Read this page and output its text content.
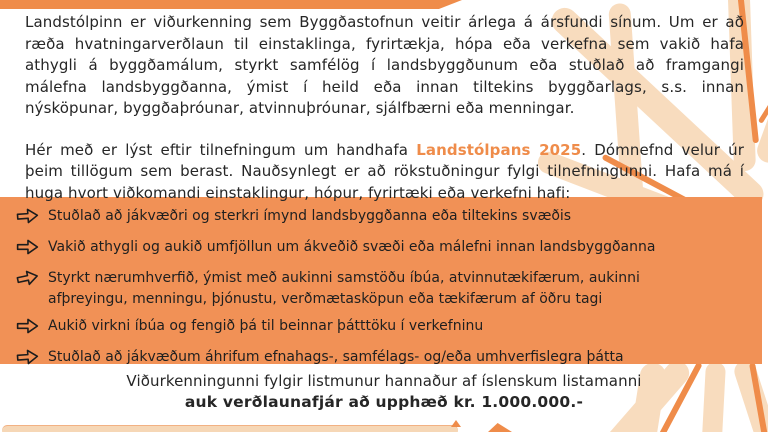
Landstólpinn er viðurkenning sem Byggðastofnun veitir árlega á ársfundi sínum. Um er að ræða hvatningarverðlaun til einstaklinga, fyrirtækja, hópa eða verkefna sem vakið hafa athygli á byggðamálum, styrkt samfélög í landsbyggðunum eða stuðlað að framgangi málefna landsbyggðanna, ýmist í heild eða innan tiltekins byggðarlags, s.s. innan nýsköpunar, byggðaþróunar, atvinnuþróunar, sjálfbærni eða menningar.

Hér með er lýst eftir tilnefningum um handhafa Landstólpans 2025. Dómnefnd velur úr þeim tillögum sem berast. Nauðsynlegt er að rökstuðningur fylgi tilnefningunni. Hafa má í huga hvort viðkomandi einstaklingur, hópur, fyrirtæki eða verkefni hafi:

Stuðlað að jákvæðri og sterkri ímynd landsbyggðanna eða tiltekins svæðis
Vakið athygli og aukið umfjöllun um ákveðið svæði eða málefni innan landsbyggðanna
Styrkt nærumhverfið, ýmist með aukinni samstöðu íbúa, atvinnutækifærum, aukinni afþreyingu, menningu, þjónustu, verðmætasköpun eða tækifærum af öðru tagi
Aukið virkni íbúa og fengið þá til beinnar þátttöku í verkefninu
Stuðlað að jákvæðum áhrifum efnahags-, samfélags- og/eða umhverfislegra þátta
Viðurkenningunni fylgir listmunur hannaður af íslenskum listamanni
auk verðlaunafjár að upphæð kr. 1.000.000.-
